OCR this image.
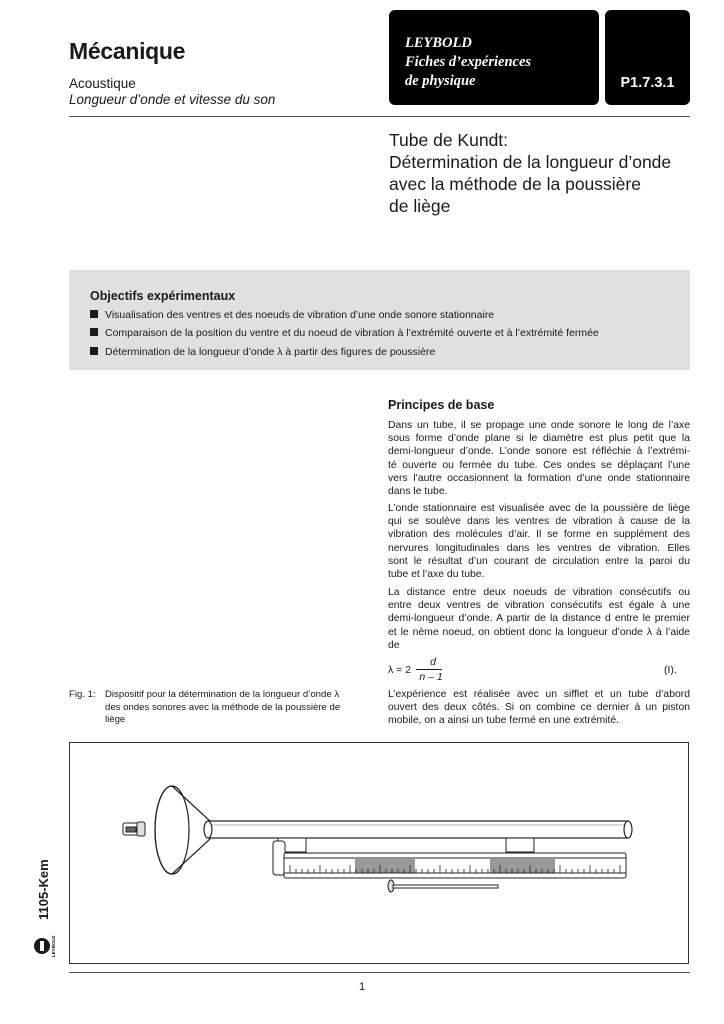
Mécanique
Acoustique
Longueur d’onde et vitesse du son
LEYBOLD
Fiches d’expériences
de physique	P1.7.3.1
Tube de Kundt:
Détermination de la longueur d’onde
avec la méthode de la poussière
de liège
Objectifs expérimentaux
Visualisation des ventres et des noeuds de vibration d’une onde sonore stationnaire
Comparaison de la position du ventre et du noeud de vibration à l’extrémité ouverte et à l’extrémité fermée
Détermination de la longueur d’onde λ à partir des figures de poussière
Principes de base
Dans un tube, il se propage une onde sonore le long de l’axe
sous forme d’onde plane si le diamètre est plus petit que la
demi-longueur d’onde. L’onde sonore est réfléchie à l’extrémi-
té ouverte ou fermée du tube. Ces ondes se déplaçant l’une
vers l’autre occasionnent la formation d’une onde stationnaire
dans le tube.
L’onde stationnaire est visualisée avec de la poussière de liège
qui se soulève dans les ventres de vibration à cause de la
vibration des molécules d’air. Il se forme en supplément des
nervures longitudinales dans les ventres de vibration. Elles
sont le résultat d’un courant de circulation entre la paroi du
tube et l’axe du tube.
La distance entre deux noeuds de vibration consécutifs ou
entre deux ventres de vibration consécutifs est égale à une
demi-longueur d’onde. A partir de la distance d entre le premier
et le nème noeud, on obtient donc la longueur d’onde λ à l’aide
de
λ = 2
d
n – 1
(I).
L’expérience est réalisée avec un sifflet et un tube d’abord
ouvert des deux côtés. Si on combine ce dernier à un piston
mobile, on a ainsi un tube fermé en une extrémité.
Fig. 1: Dispositif pour la détermination de la longueur d’onde λ
des ondes sonores avec la méthode de la poussière de
liège
1105-Kem
LEYBOLD
1
